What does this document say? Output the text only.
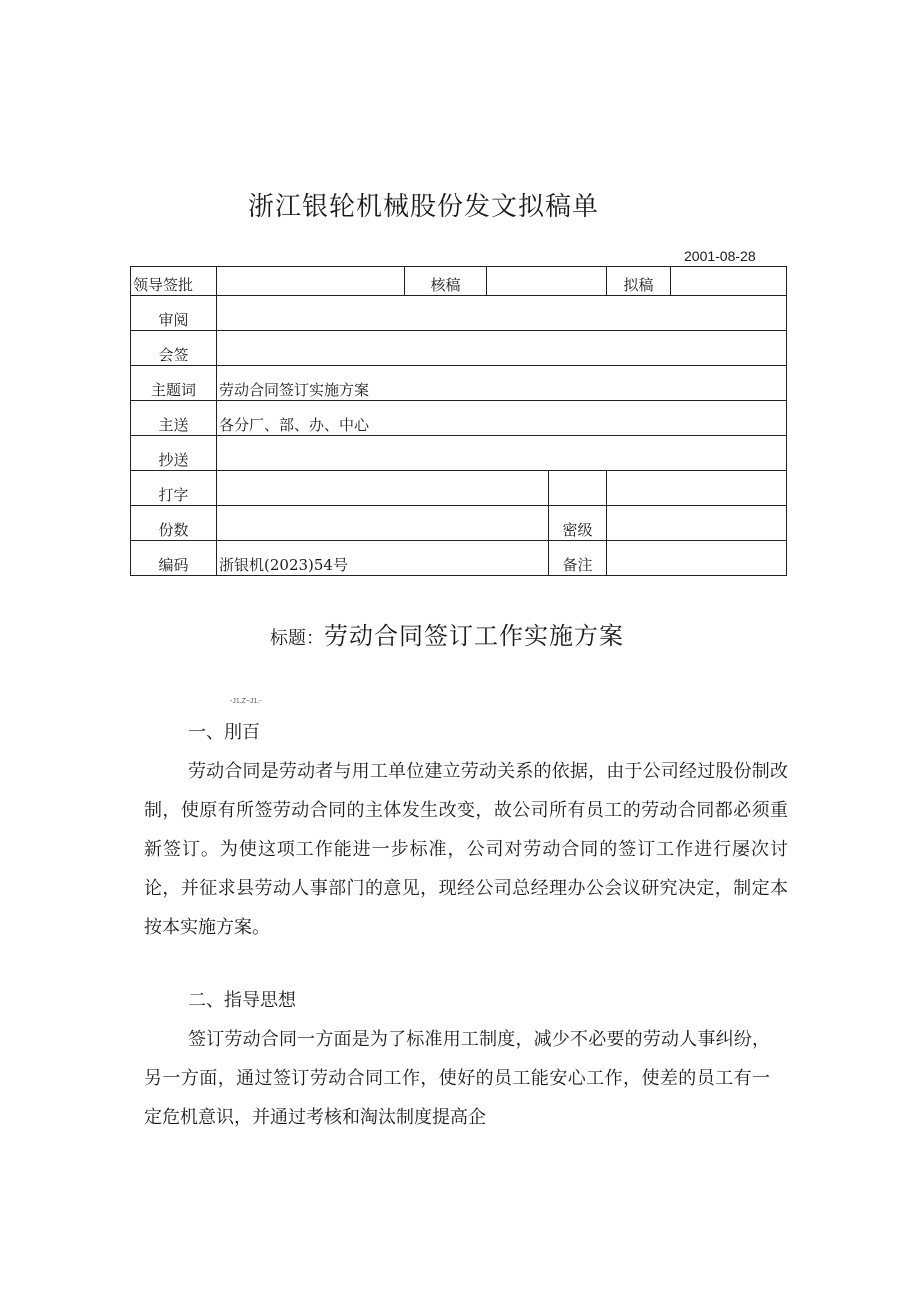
浙江银轮机械股份发文拟稿单
2001-08-28
领导签批		核稿			拟稿	
审阅						
会签						
主题词	劳动合同签订实施方案					
主送	各分厂、部、办、中心					
抄送						
打字						
份数				密级		
编码	浙银机(2023)54号			备注		
标题：劳动合同签订工作实施方案
-J1.Z~J1.-
一、刖百

劳动合同是劳动者与用工单位建立劳动关系的依据，由于公司经过股份制改制，使原有所签劳动合同的主体发生改变，故公司所有员工的劳动合同都必须重新签订。为使这项工作能进一步标准，公司对劳动合同的签订工作进行屡次讨论，并征求县劳动人事部门的意见，现经公司总经理办公会议研究决定，制定本按本实施方案。

二、指导思想

签订劳动合同一方面是为了标准用工制度，减少不必要的劳动人事纠纷，另一方面，通过签订劳动合同工作，使好的员工能安心工作，使差的员工有一定危机意识，并通过考核和淘汰制度提高企
